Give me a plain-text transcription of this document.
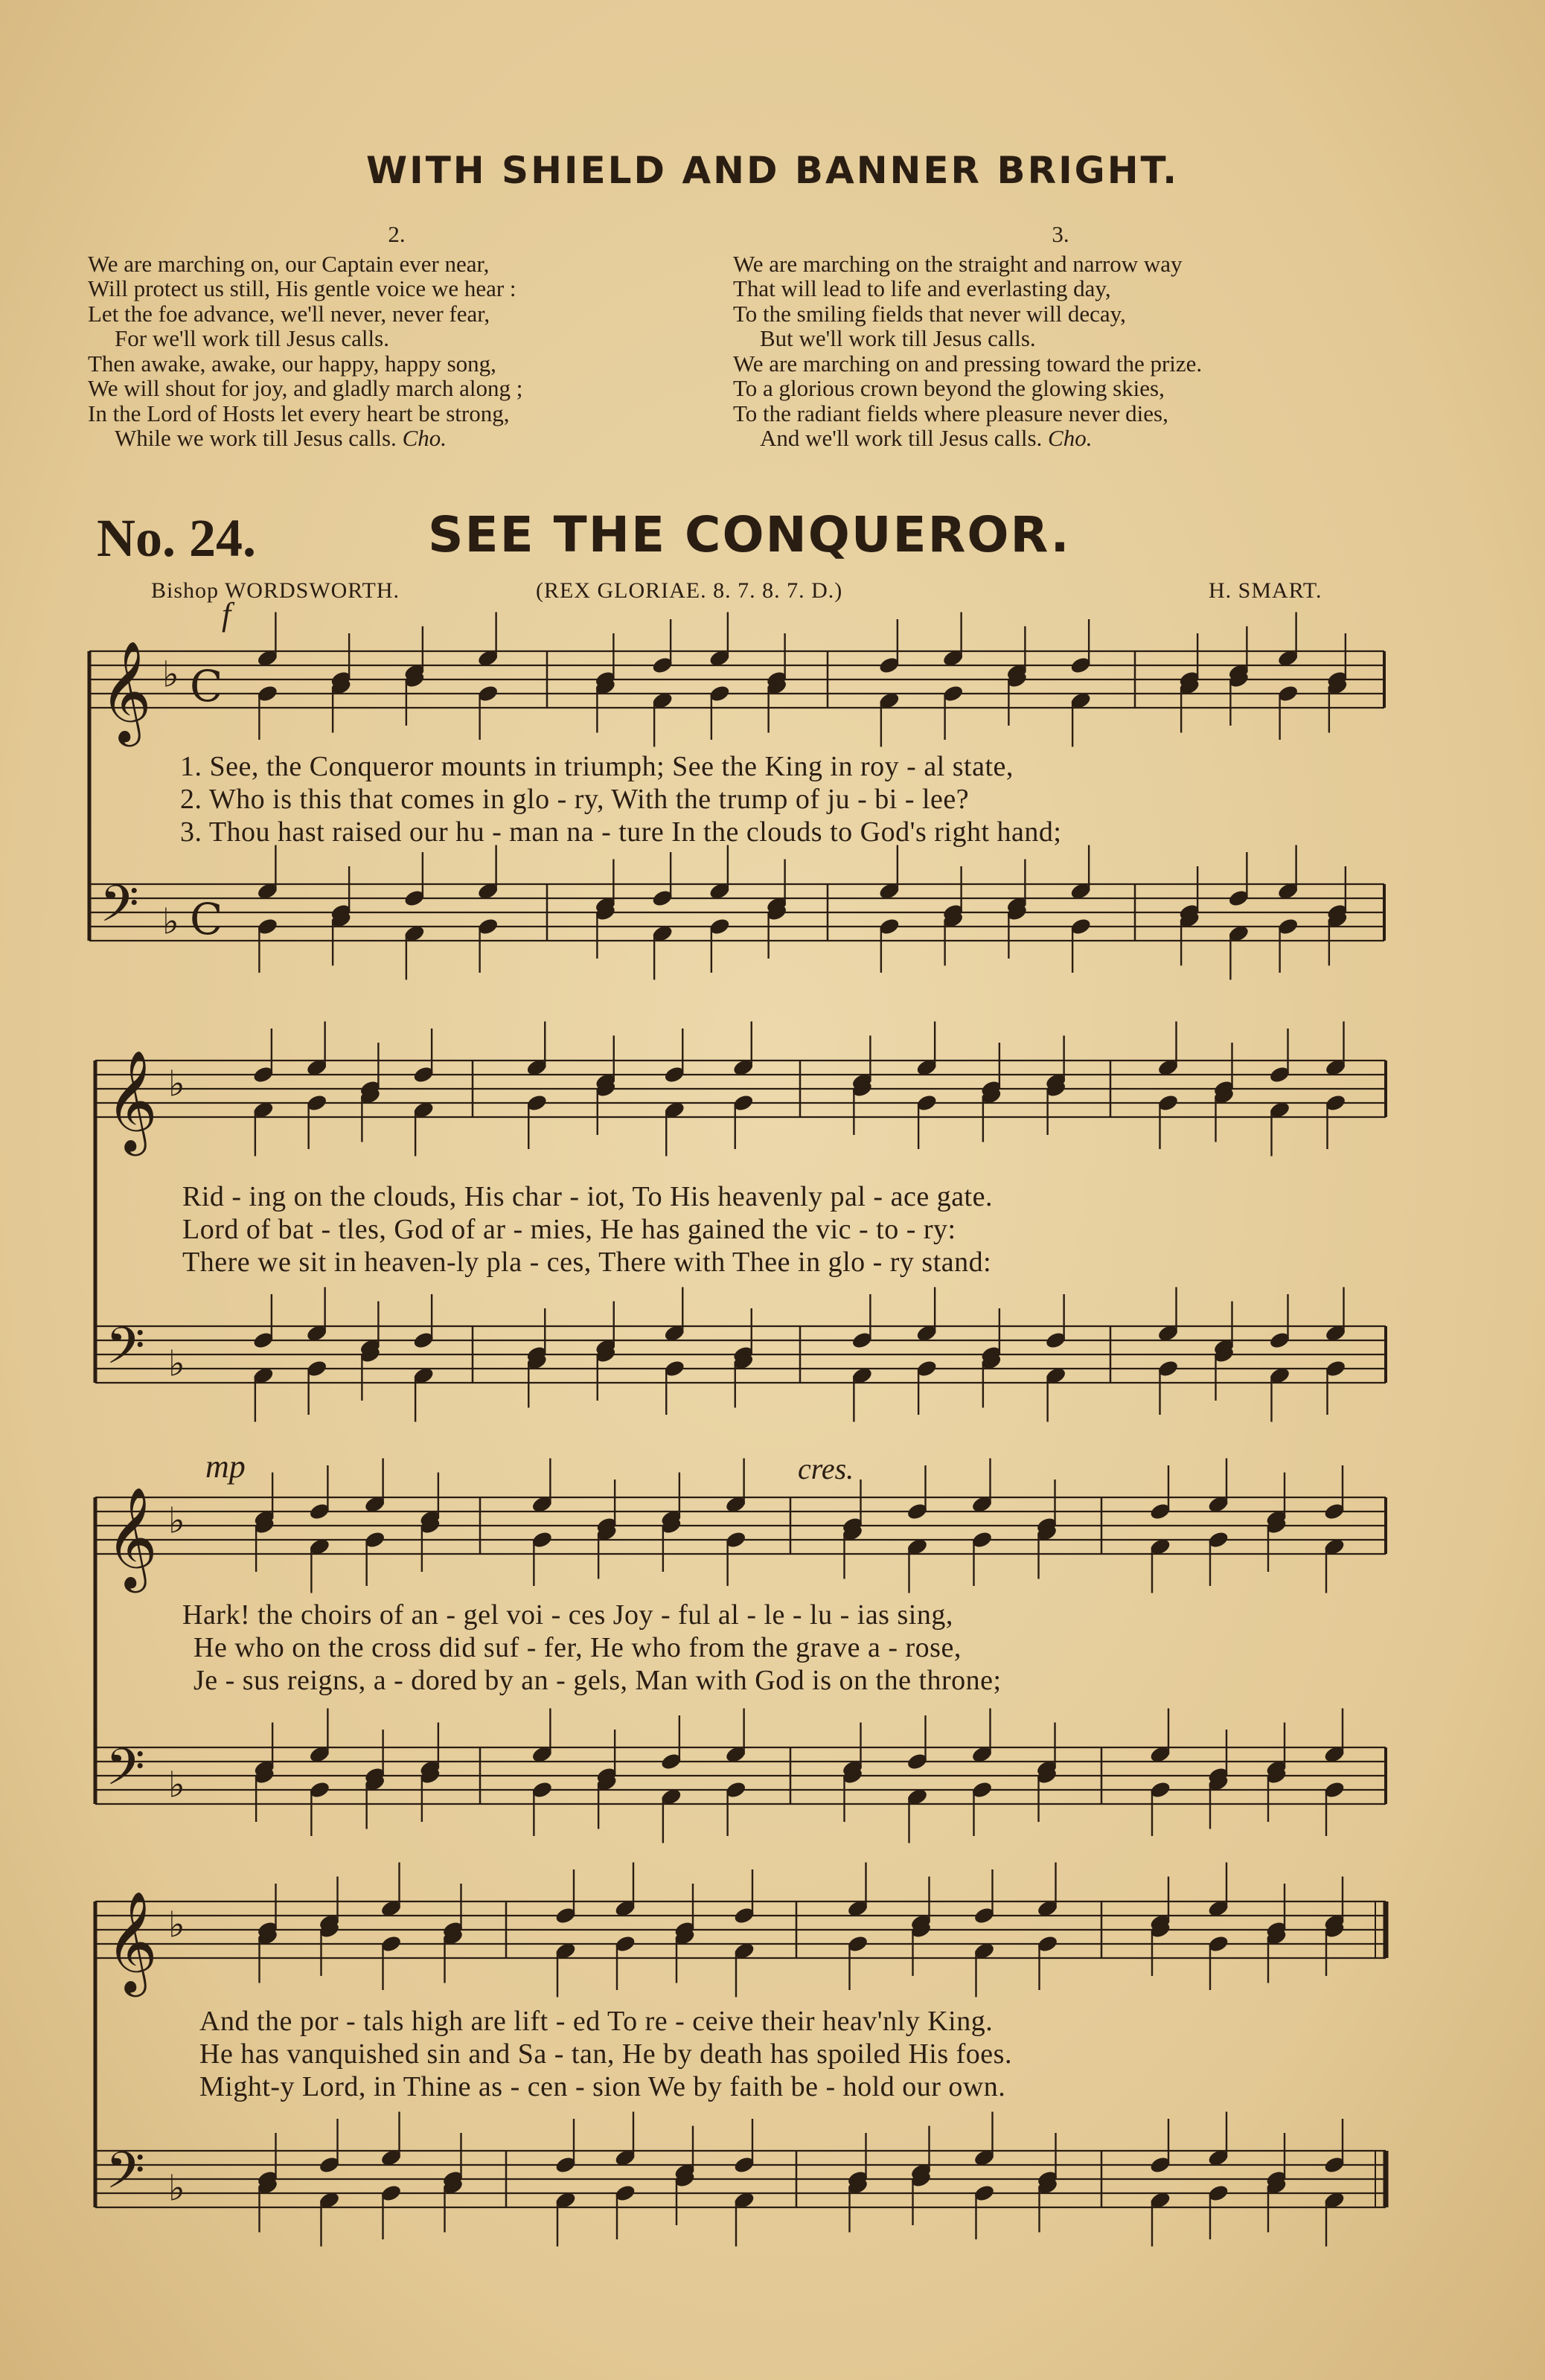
WITH SHIELD AND BANNER BRIGHT.
2.
We are marching on, our Captain ever near,
Will protect us still, His gentle voice we hear :
Let the foe advance, we'll never, never fear,
For we'll work till Jesus calls.
Then awake, awake, our happy, happy song,
We will shout for joy, and gladly march along ;
In the Lord of Hosts let every heart be strong,
While we work till Jesus calls. Cho.
3.
We are marching on the straight and narrow way
That will lead to life and everlasting day,
To the smiling fields that never will decay,
But we'll work till Jesus calls.
We are marching on and pressing toward the prize.
To a glorious crown beyond the glowing skies,
To the radiant fields where pleasure never dies,
And we'll work till Jesus calls. Cho.
No. 24.	SEE THE CONQUEROR.
Bishop WORDSWORTH.	(REX GLORIAE. 8. 7. 8. 7. D.)	H. SMART.
f
mp	cres.
𝄞 ♭ C
𝄢 ♭ C
𝄞 ♭
𝄢 ♭
𝄞 ♭
𝄢 ♭
𝄞 ♭
𝄢 ♭
1. See, the Conqueror mounts in triumph; See the King in roy - al state,
2. Who is this that comes in glo - ry, With the trump of ju - bi - lee?
3. Thou hast raised our hu - man na - ture In the clouds to God's right hand;
Rid - ing on the clouds, His char - iot, To His heavenly pal - ace gate.
Lord of bat - tles, God of ar - mies, He has gained the vic - to - ry:
There we sit in heaven-ly pla - ces, There with Thee in glo - ry stand:
Hark! the choirs of an - gel voi - ces Joy - ful al - le - lu - ias sing,
He who on the cross did suf - fer, He who from the grave a - rose,
Je - sus reigns, a - dored by an - gels, Man with God is on the throne;
And the por - tals high are lift - ed To re - ceive their heav'nly King.
He has vanquished sin and Sa - tan, He by death has spoiled His foes.
Might-y Lord, in Thine as - cen - sion We by faith be - hold our own.
